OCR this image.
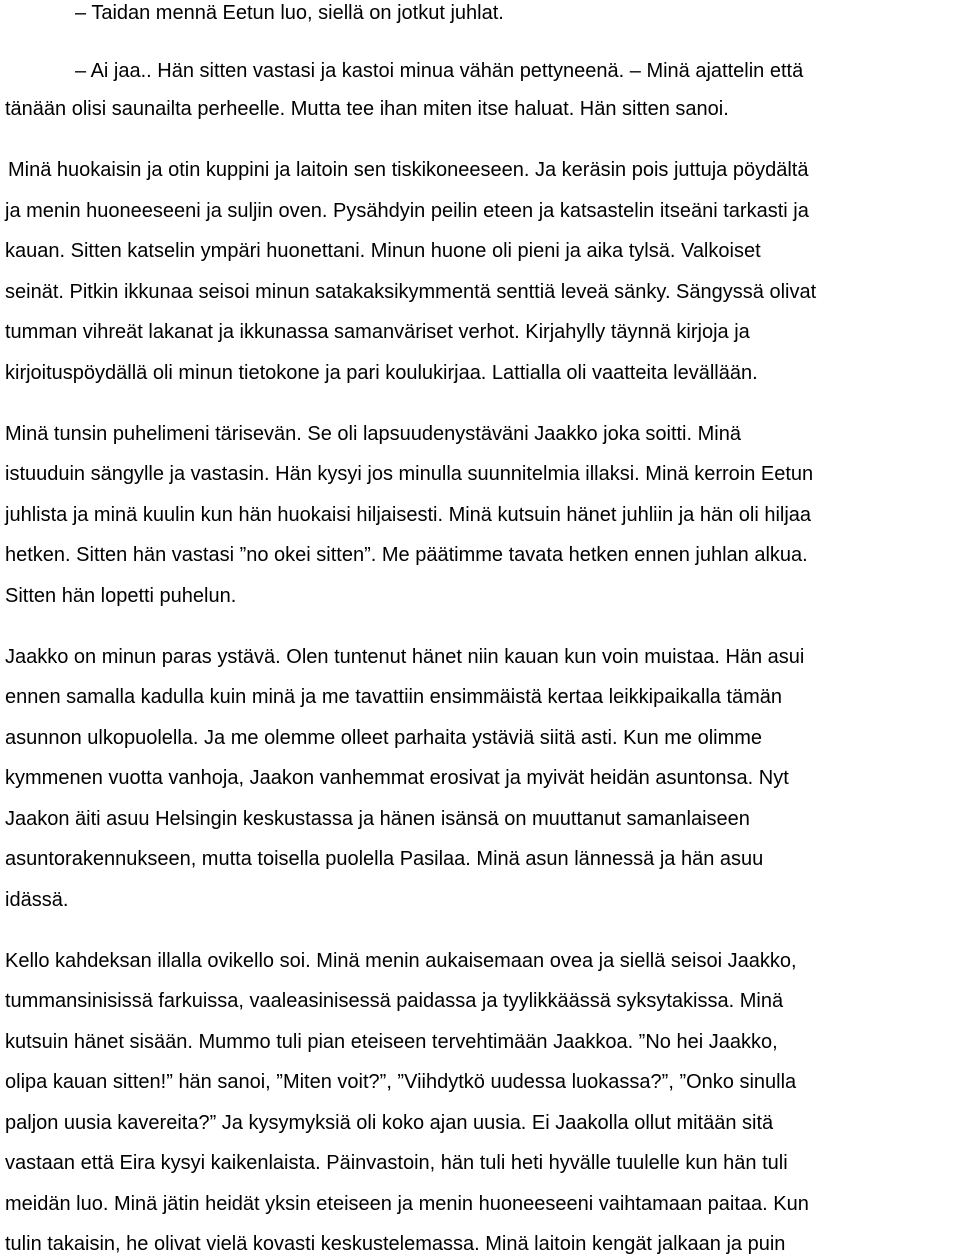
– Taidan mennä Eetun luo, siellä on jotkut juhlat.

– Ai jaa.. Hän sitten vastasi ja kastoi minua vähän pettyneenä. – Minä ajattelin että

tänään olisi saunailta perheelle. Mutta tee ihan miten itse haluat. Hän sitten sanoi.

Minä huokaisin ja otin kuppini ja laitoin sen tiskikoneeseen. Ja keräsin pois juttuja pöydältä

ja menin huoneeseeni ja suljin oven. Pysähdyin peilin eteen ja katsastelin itseäni tarkasti ja

kauan. Sitten katselin ympäri huonettani. Minun huone oli pieni ja aika tylsä. Valkoiset

seinät. Pitkin ikkunaa seisoi minun satakaksikymmentä senttiä leveä sänky. Sängyssä olivat

tumman vihreät lakanat ja ikkunassa samanväriset verhot. Kirjahylly täynnä kirjoja ja

kirjoituspöydällä oli minun tietokone ja pari koulukirjaa. Lattialla oli vaatteita levällään.

Minä tunsin puhelimeni tärisevän. Se oli lapsuudenystäväni Jaakko joka soitti. Minä

istuuduin sängylle ja vastasin. Hän kysyi jos minulla suunnitelmia illaksi. Minä kerroin Eetun

juhlista ja minä kuulin kun hän huokaisi hiljaisesti. Minä kutsuin hänet juhliin ja hän oli hiljaa

hetken. Sitten hän vastasi ”no okei sitten”. Me päätimme tavata hetken ennen juhlan alkua.

Sitten hän lopetti puhelun.

Jaakko on minun paras ystävä. Olen tuntenut hänet niin kauan kun voin muistaa. Hän asui

ennen samalla kadulla kuin minä ja me tavattiin ensimmäistä kertaa leikkipaikalla tämän

asunnon ulkopuolella. Ja me olemme olleet parhaita ystäviä siitä asti. Kun me olimme

kymmenen vuotta vanhoja, Jaakon vanhemmat erosivat ja myivät heidän asuntonsa. Nyt

Jaakon äiti asuu Helsingin keskustassa ja hänen isänsä on muuttanut samanlaiseen

asuntorakennukseen, mutta toisella puolella Pasilaa. Minä asun lännessä ja hän asuu

idässä.

Kello kahdeksan illalla ovikello soi. Minä menin aukaisemaan ovea ja siellä seisoi Jaakko,

tummansinisissä farkuissa, vaaleasinisessä paidassa ja tyylikkäässä syksytakissa. Minä

kutsuin hänet sisään. Mummo tuli pian eteiseen tervehtimään Jaakkoa. ”No hei Jaakko,

olipa kauan sitten!” hän sanoi, ”Miten voit?”, ”Viihdytkö uudessa luokassa?”, ”Onko sinulla

paljon uusia kavereita?” Ja kysymyksiä oli koko ajan uusia. Ei Jaakolla ollut mitään sitä

vastaan että Eira kysyi kaikenlaista. Päinvastoin, hän tuli heti hyvälle tuulelle kun hän tuli

meidän luo. Minä jätin heidät yksin eteiseen ja menin huoneeseeni vaihtamaan paitaa. Kun

tulin takaisin, he olivat vielä kovasti keskustelemassa. Minä laitoin kengät jalkaan ja puin
